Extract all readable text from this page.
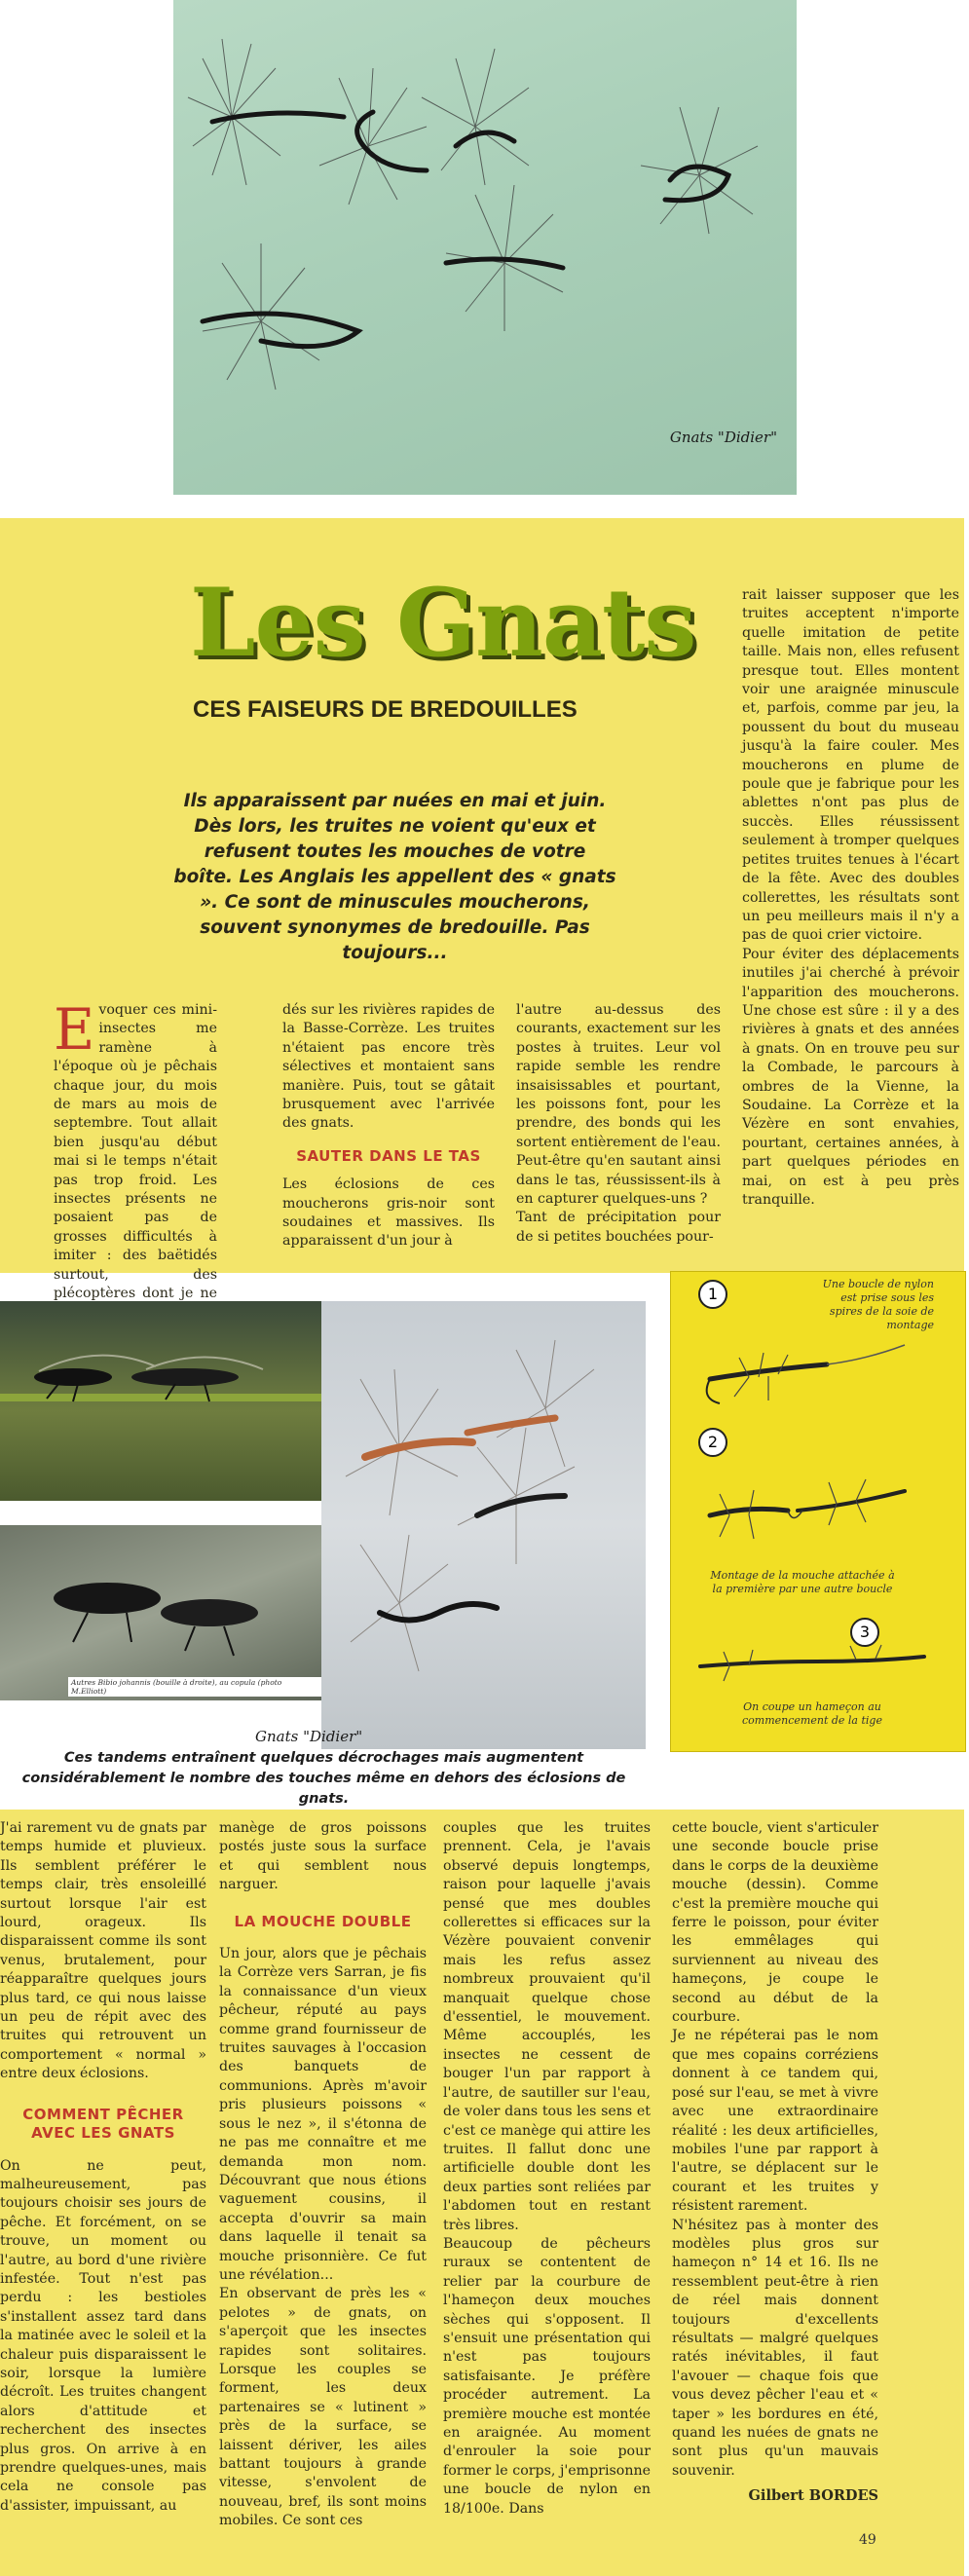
Gnats "Didier"
Les Gnats
CES FAISEURS DE BREDOUILLES
Ils apparaissent par nuées en mai et juin. Dès lors, les truites ne voient qu'eux et refusent toutes les mouches de votre boîte. Les Anglais les appellent des « gnats ». Ce sont de minuscules moucherons, souvent synonymes de bredouille. Pas toujours...
E voquer ces mini-insectes me ramène à l'époque où je pêchais chaque jour, du mois de mars au mois de septembre. Tout allait bien jusqu'au début mai si le temps n'était pas trop froid. Les insectes présents ne posaient pas de grosses difficultés à imiter : des baëtidés surtout, des plécoptères dont je ne

dés sur les rivières rapides de la Basse-Corrèze. Les truites n'étaient pas encore très sélectives et montaient sans manière. Puis, tout se gâtait brusquement avec l'arrivée des gnats.

SAUTER DANS LE TAS

Les éclosions de ces moucherons gris-noir sont soudaines et massives. Ils apparaissent d'un jour à

l'autre au-dessus des courants, exactement sur les postes à truites. Leur vol rapide semble les rendre insaisissables et pourtant, les poissons font, pour les prendre, des bonds qui les sortent entièrement de l'eau. Peut-être qu'en sautant ainsi dans le tas, réussissent-ils à en capturer quelques-uns ?
Tant de précipitation pour de si petites bouchées pour-

rait laisser supposer que les truites acceptent n'importe quelle imitation de petite taille. Mais non, elles refusent presque tout. Elles montent voir une araignée minuscule et, parfois, comme par jeu, la poussent du bout du museau jusqu'à la faire couler. Mes moucherons en plume de poule que je fabrique pour les ablettes n'ont pas plus de succès. Elles réussissent seulement à tromper quelques petites truites tenues à l'écart de la fête. Avec des doubles collerettes, les résultats sont un peu meilleurs mais il n'y a pas de quoi crier victoire.
Pour éviter des déplacements inutiles j'ai cherché à prévoir l'apparition des moucherons. Une chose est sûre : il y a des rivières à gnats et des années à gnats. On en trouve peu sur la Combade, le parcours à ombres de la Vienne, la Soudaine. La Corrèze et la Vézère en sont envahies, pourtant, certaines années, à part quelques périodes en mai, on est à peu près tranquille.

Autres Bibio johannis (bouille à droite), au copula (photo M.Elliott)
Gnats "Didier"
1
Une boucle de nylon est prise sous les spires de la soie de montage
2
Montage de la mouche attachée à la première par une autre boucle
3
On coupe un hameçon au commencement de la tige
Ces tandems entraînent quelques décrochages mais augmentent considérablement le nombre des touches même en dehors des éclosions de gnats.

J'ai rarement vu de gnats par temps humide et pluvieux. Ils semblent préférer le temps clair, très ensoleillé surtout lorsque l'air est lourd, orageux. Ils disparaissent comme ils sont venus, brutalement, pour réapparaître quelques jours plus tard, ce qui nous laisse un peu de répit avec des truites qui retrouvent un comportement « normal » entre deux éclosions.

COMMENT PÊCHER AVEC LES GNATS

On ne peut, malheureusement, pas toujours choisir ses jours de pêche. Et forcément, on se trouve, un moment ou l'autre, au bord d'une rivière infestée. Tout n'est pas perdu : les bestioles s'installent assez tard dans la matinée avec le soleil et la chaleur puis disparaissent le soir, lorsque la lumière décroît. Les truites changent alors d'attitude et recherchent des insectes plus gros. On arrive à en prendre quelques-unes, mais cela ne console pas d'assister, impuissant, au

manège de gros poissons postés juste sous la surface et qui semblent nous narguer.

LA MOUCHE DOUBLE

Un jour, alors que je pêchais la Corrèze vers Sarran, je fis la connaissance d'un vieux pêcheur, réputé au pays comme grand fournisseur de truites sauvages à l'occasion des banquets de communions. Après m'avoir pris plusieurs poissons « sous le nez », il s'étonna de ne pas me connaître et me demanda mon nom. Découvrant que nous étions vaguement cousins, il accepta d'ouvrir sa main dans laquelle il tenait sa mouche prisonnière. Ce fut une révélation...
En observant de près les « pelotes » de gnats, on s'aperçoit que les insectes rapides sont solitaires. Lorsque les couples se forment, les deux partenaires se « lutinent » près de la surface, se laissent dériver, les ailes battant toujours à grande vitesse, s'envolent de nouveau, bref, ils sont moins mobiles. Ce sont ces

couples que les truites prennent. Cela, je l'avais observé depuis longtemps, raison pour laquelle j'avais pensé que mes doubles collerettes si efficaces sur la Vézère pouvaient convenir mais les refus assez nombreux prouvaient qu'il manquait quelque chose d'essentiel, le mouvement. Même accouplés, les insectes ne cessent de bouger l'un par rapport à l'autre, de sautiller sur l'eau, de voler dans tous les sens et c'est ce manège qui attire les truites. Il fallut donc une artificielle double dont les deux parties sont reliées par l'abdomen tout en restant très libres.
Beaucoup de pêcheurs ruraux se contentent de relier par la courbure de l'hameçon deux mouches sèches qui s'opposent. Il s'ensuit une présentation qui n'est pas toujours satisfaisante. Je préfère procéder autrement. La première mouche est montée en araignée. Au moment d'enrouler la soie pour former le corps, j'emprisonne une boucle de nylon en 18/100e. Dans

cette boucle, vient s'articuler une seconde boucle prise dans le corps de la deuxième mouche (dessin). Comme c'est la première mouche qui ferre le poisson, pour éviter les emmêlages qui surviennent au niveau des hameçons, je coupe le second au début de la courbure.
Je ne répéterai pas le nom que mes copains corréziens donnent à ce tandem qui, posé sur l'eau, se met à vivre avec une extraordinaire réalité : les deux artificielles, mobiles l'une par rapport à l'autre, se déplacent sur le courant et les truites y résistent rarement.
N'hésitez pas à monter des modèles plus gros sur hameçon n° 14 et 16. Ils ne ressemblent peut-être à rien de réel mais donnent toujours d'excellents résultats — malgré quelques ratés inévitables, il faut l'avouer — chaque fois que vous devez pêcher l'eau et « taper » les bordures en été, quand les nuées de gnats ne sont plus qu'un mauvais souvenir.

Gilbert BORDES
49
